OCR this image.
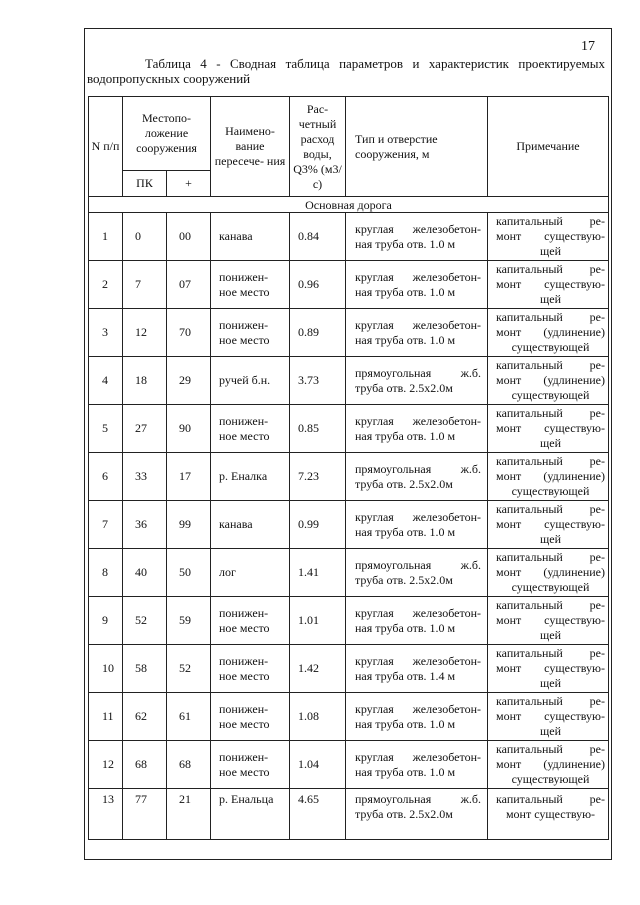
17
Таблица 4 - Сводная таблица параметров и характеристик проектируемых водопропускных сооружений
N п/п	Местопо- ложение сооружения		Наимено- вание пересече- ния	Рас- четный расход воды, Q3% (м3/с)	Тип и отверстие сооружения, м	Примечание
	ПК	+				
Основная дорога						
1	0	00	канава	0.84	круглая железобетон- ная труба отв. 1.0 м	капитальный ре- монт существую- щей
2	7	07	понижен- ное место	0.96	круглая железобетон- ная труба отв. 1.0 м	капитальный ре- монт существую- щей
3	12	70	понижен- ное место	0.89	круглая железобетон- ная труба отв. 1.0 м	капитальный ре- монт (удлинение) существующей
4	18	29	ручей б.н.	3.73	прямоугольная ж.б. труба отв. 2.5х2.0м	капитальный ре- монт (удлинение) существующей
5	27	90	понижен- ное место	0.85	круглая железобетон- ная труба отв. 1.0 м	капитальный ре- монт существую- щей
6	33	17	р. Еналка	7.23	прямоугольная ж.б. труба отв. 2.5х2.0м	капитальный ре- монт (удлинение) существующей
7	36	99	канава	0.99	круглая железобетон- ная труба отв. 1.0 м	капитальный ре- монт существую- щей
8	40	50	лог	1.41	прямоугольная ж.б. труба отв. 2.5х2.0м	капитальный ре- монт (удлинение) существующей
9	52	59	понижен- ное место	1.01	круглая железобетон- ная труба отв. 1.0 м	капитальный ре- монт существую- щей
10	58	52	понижен- ное место	1.42	круглая железобетон- ная труба отв. 1.4 м	капитальный ре- монт существую- щей
11	62	61	понижен- ное место	1.08	круглая железобетон- ная труба отв. 1.0 м	капитальный ре- монт существую- щей
12	68	68	понижен- ное место	1.04	круглая железобетон- ная труба отв. 1.0 м	капитальный ре- монт (удлинение) существующей
13	77	21	р. Енальца	4.65	прямоугольная ж.б. труба отв. 2.5х2.0м	капитальный ре- монт существую-
